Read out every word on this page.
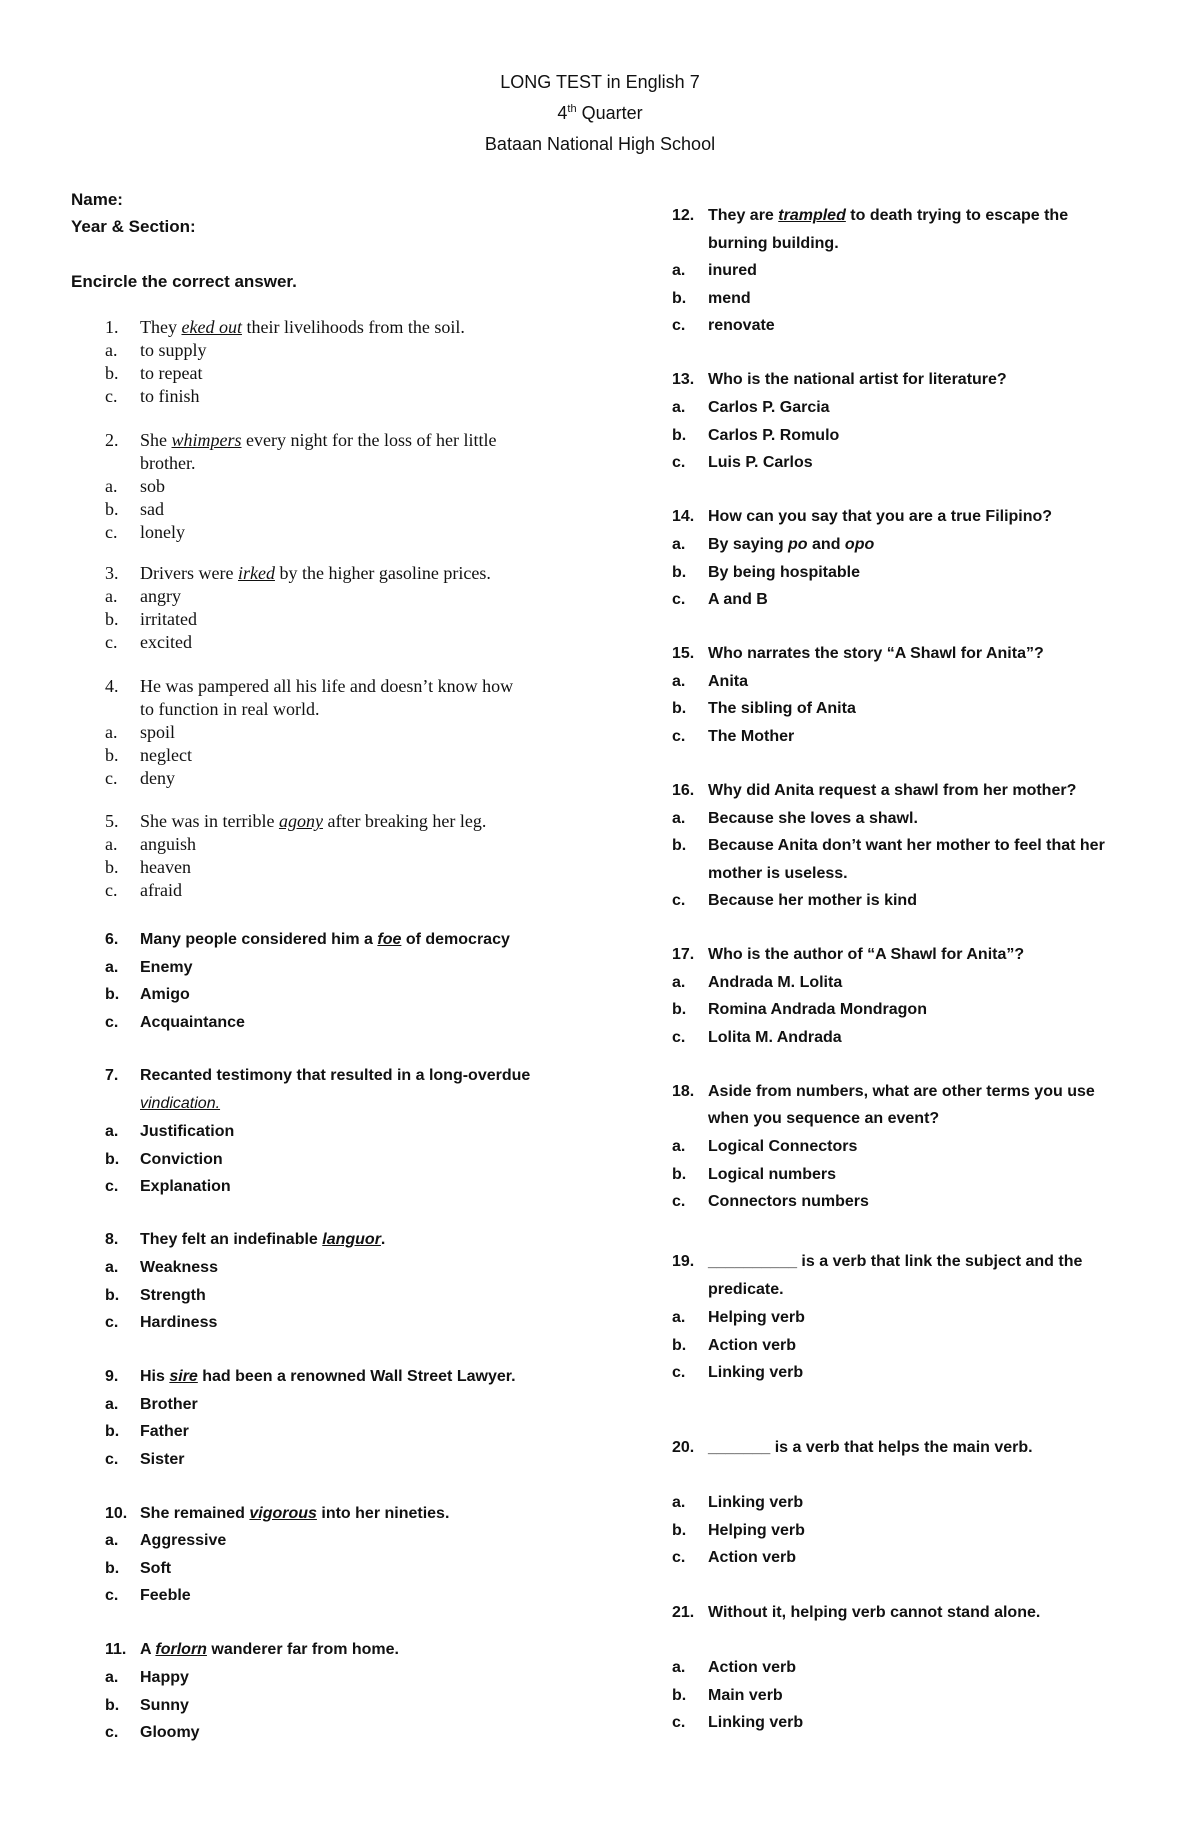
LONG TEST in English 7
4th Quarter
Bataan National High School
Name:
Year & Section:
Encircle the correct answer.
1. They eked out their livelihoods from the soil.
a. to supply
b. to repeat
c. to finish
2. She whimpers every night for the loss of her little
brother.
a. sob
b. sad
c. lonely
3. Drivers were irked by the higher gasoline prices.
a. angry
b. irritated
c. excited
4. He was pampered all his life and doesn’t know how
to function in real world.
a. spoil
b. neglect
c. deny
5. She was in terrible agony after breaking her leg.
a. anguish
b. heaven
c. afraid
6. Many people considered him a foe of democracy
a. Enemy
b. Amigo
c. Acquaintance
7. Recanted testimony that resulted in a long-overdue
vindication.
a. Justification
b. Conviction
c. Explanation
8. They felt an indefinable languor.
a. Weakness
b. Strength
c. Hardiness
9. His sire had been a renowned Wall Street Lawyer.
a. Brother
b. Father
c. Sister
10. She remained vigorous into her nineties.
a. Aggressive
b. Soft
c. Feeble
11. A forlorn wanderer far from home.
a. Happy
b. Sunny
c. Gloomy
12. They are trampled to death trying to escape the
burning building.
a. inured
b. mend
c. renovate
13. Who is the national artist for literature?
a. Carlos P. Garcia
b. Carlos P. Romulo
c. Luis P. Carlos
14. How can you say that you are a true Filipino?
a. By saying po and opo
b. By being hospitable
c. A and B
15. Who narrates the story “A Shawl for Anita”?
a. Anita
b. The sibling of Anita
c. The Mother
16. Why did Anita request a shawl from her mother?
a. Because she loves a shawl.
b. Because Anita don’t want her mother to feel that her
mother is useless.
c. Because her mother is kind
17. Who is the author of “A Shawl for Anita”?
a. Andrada M. Lolita
b. Romina Andrada Mondragon
c. Lolita M. Andrada
18. Aside from numbers, what are other terms you use
when you sequence an event?
a. Logical Connectors
b. Logical numbers
c. Connectors numbers
19. __________ is a verb that link the subject and the
predicate.
a. Helping verb
b. Action verb
c. Linking verb
20. _______ is a verb that helps the main verb.
a. Linking verb
b. Helping verb
c. Action verb
21. Without it, helping verb cannot stand alone.
a. Action verb
b. Main verb
c. Linking verb
